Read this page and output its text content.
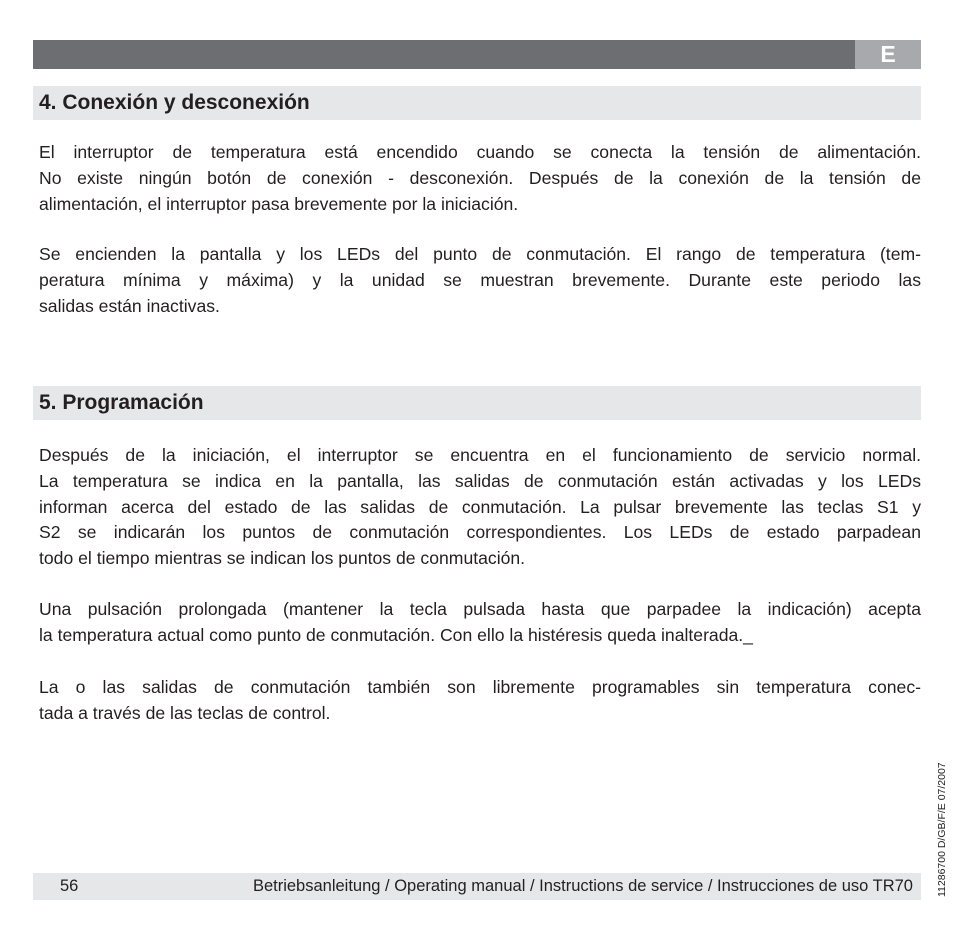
E
4. Conexión y desconexión

El interruptor de temperatura está encendido cuando se conecta la tensión de alimentación.
No existe ningún botón de conexión - desconexión. Después de la conexión de la tensión de
alimentación, el interruptor pasa brevemente por la iniciación.

Se encienden la pantalla y los LEDs del punto de conmutación. El rango de temperatura (tem-
peratura mínima y máxima) y la unidad se muestran brevemente. Durante este periodo las
salidas están inactivas.

5. Programación

Después de la iniciación, el interruptor se encuentra en el funcionamiento de servicio normal.
La temperatura se indica en la pantalla, las salidas de conmutación están activadas y los LEDs
informan acerca del estado de las salidas de conmutación. La pulsar brevemente las teclas S1 y
S2 se indicarán los puntos de conmutación correspondientes. Los LEDs de estado parpadean
todo el tiempo mientras se indican los puntos de conmutación.

Una pulsación prolongada (mantener la tecla pulsada hasta que parpadee la indicación) acepta
la temperatura actual como punto de conmutación. Con ello la histéresis queda inalterada._

La o las salidas de conmutación también son libremente programables sin temperatura conec-
tada a través de las teclas de control.

11286700 D/GB/F/E 07/2007
56	Betriebsanleitung / Operating manual / Instructions de service / Instrucciones de uso TR70
